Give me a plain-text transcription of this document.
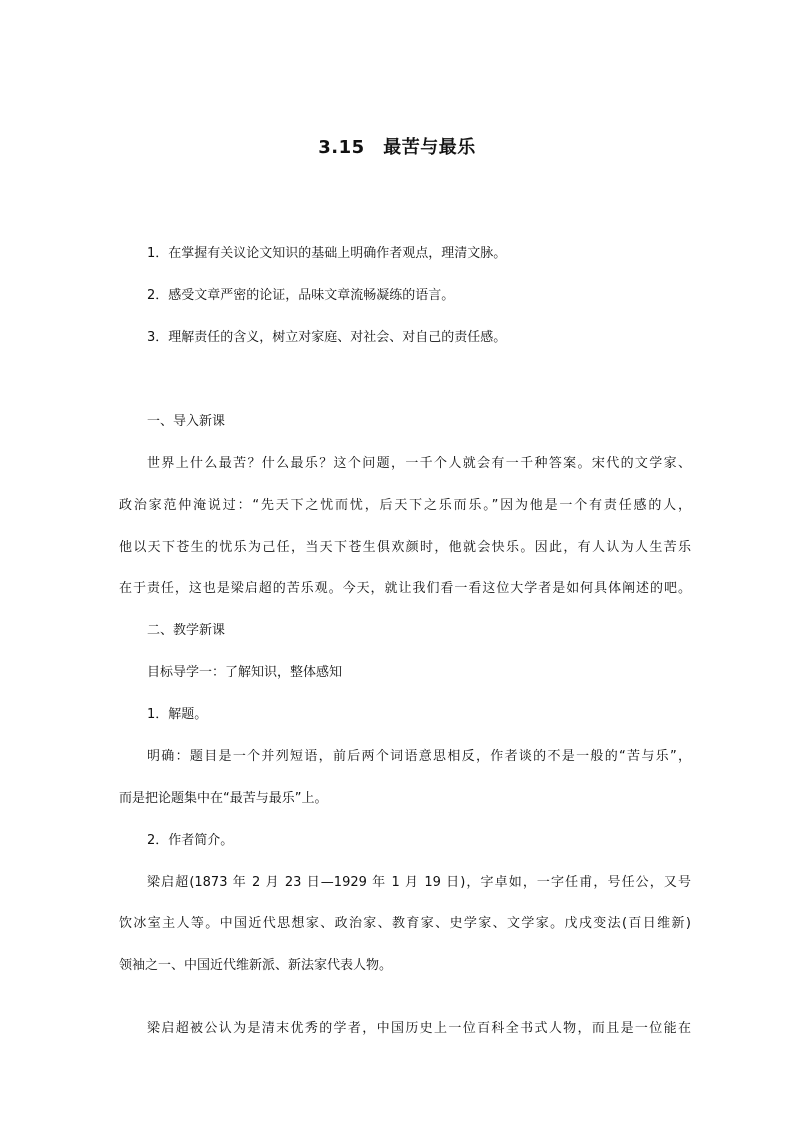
3.15　最苦与最乐
1．在掌握有关议论文知识的基础上明确作者观点，理清文脉。
2．感受文章严密的论证，品味文章流畅凝练的语言。
3．理解责任的含义，树立对家庭、对社会、对自己的责任感。
一、导入新课
世界上什么最苦？什么最乐？这个问题，一千个人就会有一千种答案。宋代的文学家、
政治家范仲淹说过：“先天下之忧而忧，后天下之乐而乐。”因为他是一个有责任感的人，
他以天下苍生的忧乐为己任，当天下苍生俱欢颜时，他就会快乐。因此，有人认为人生苦乐
在于责任，这也是梁启超的苦乐观。今天，就让我们看一看这位大学者是如何具体阐述的吧。
二、教学新课
目标导学一：了解知识，整体感知
1．解题。
明确：题目是一个并列短语，前后两个词语意思相反，作者谈的不是一般的“苦与乐”，
而是把论题集中在“最苦与最乐”上。
2．作者简介。
梁启超(1873 年 2 月 23 日—1929 年 1 月 19 日)，字卓如，一字任甫，号任公，又号
饮冰室主人等。中国近代思想家、政治家、教育家、史学家、文学家。戊戌变法(百日维新)
领袖之一、中国近代维新派、新法家代表人物。
梁启超被公认为是清末优秀的学者，中国历史上一位百科全书式人物，而且是一位能在
